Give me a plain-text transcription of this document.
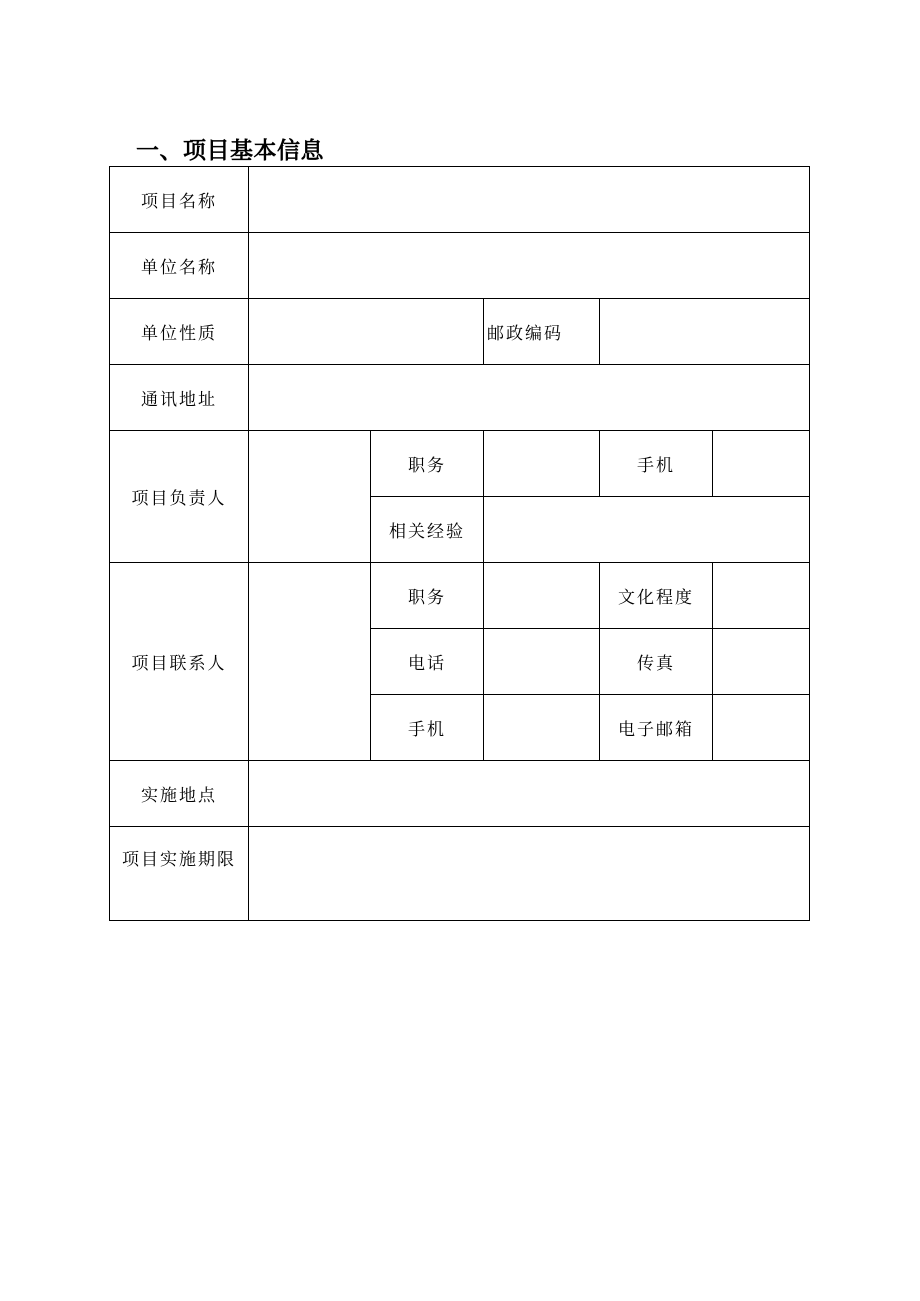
一、项目基本信息
项目名称					
单位名称					
单位性质			邮政编码		
通讯地址					
项目负责人		职务		手机	
		相关经验			
项目联系人		职务		文化程度	
		电话		传真	
		手机		电子邮箱	
实施地点					
项目实施期限					
